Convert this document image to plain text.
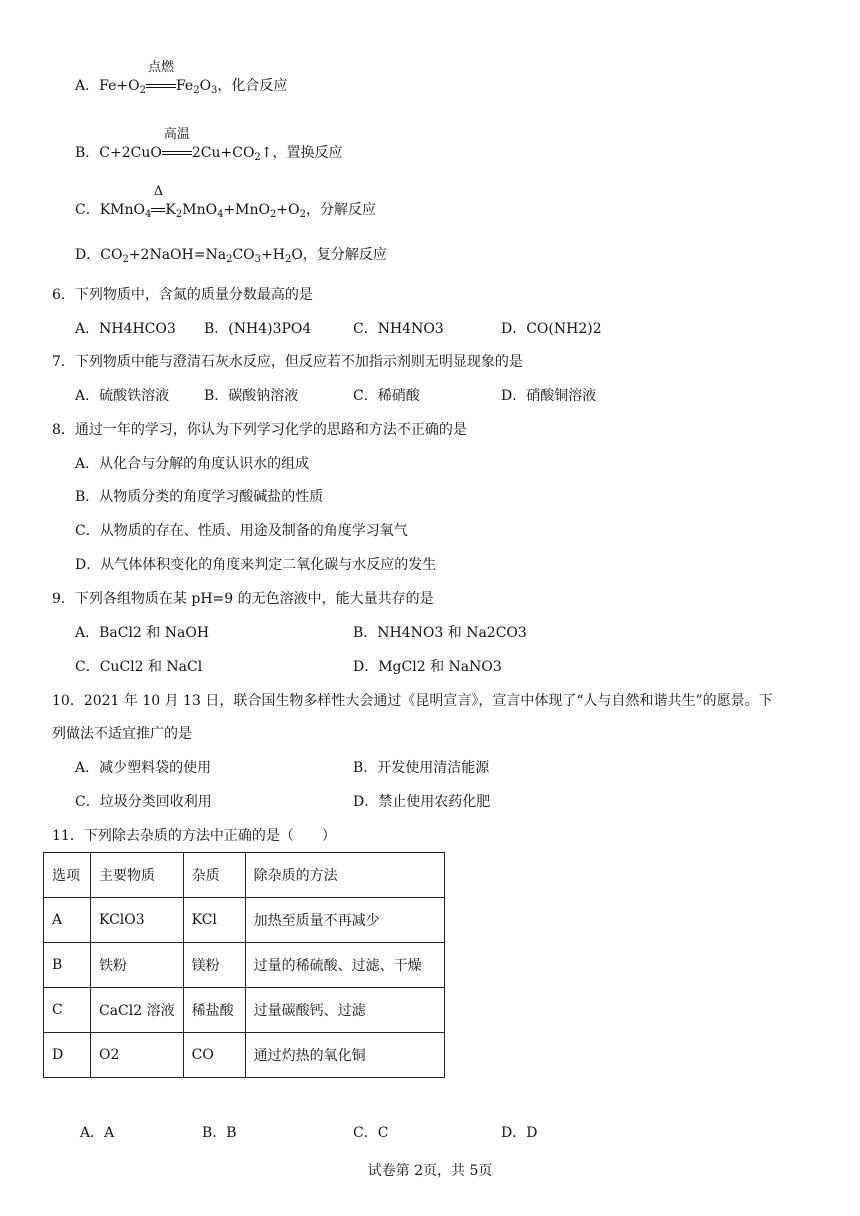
A．$Fe+O_2$
点燃
$Fe_2O_3$，化合反应
B．C+2CuO
高温
$2Cu+CO_2↑$，置换反应
C．KMnO$_4$
Δ
$K_2MnO_4+MnO_2+O_2$，分解反应
D．$CO_2+2NaOH=Na_2CO_3+H_2O$，复分解反应
6．下列物质中，含氮的质量分数最高的是
A．NH4HCO3 B．(NH4)3PO4	C．NH4NO3	D．CO(NH2)2
7．下列物质中能与澄清石灰水反应，但反应若不加指示剂则无明显现象的是
A．硫酸铁溶液 B．碳酸钠溶液	C．稀硝酸	D．硝酸铜溶液
8．通过一年的学习，你认为下列学习化学的思路和方法不正确的是
A．从化合与分解的角度认识水的组成
B．从物质分类的角度学习酸碱盐的性质
C．从物质的存在、性质、用途及制备的角度学习氧气
D．从气体体积变化的角度来判定二氧化碳与水反应的发生
9．下列各组物质在某 pH=9 的无色溶液中，能大量共存的是
A．BaCl2 和 NaOH	B．NH4NO3 和 Na2CO3
C．CuCl2 和 NaCl	D．MgCl2 和 NaNO3
10．2021 年 10 月 13 日，联合国生物多样性大会通过《昆明宣言》，宣言中体现了“人与自然和谐共生”的愿景。下
列做法不适宜推广的是
A．减少塑料袋的使用	B．开发使用清洁能源
C．垃圾分类回收利用	D．禁止使用农药化肥
11．下列除去杂质的方法中正确的是（　　）
选项	主要物质	杂质	除杂质的方法
A	KClO3	KCl	加热至质量不再减少
B	铁粉	镁粉	过量的稀硫酸、过滤、干燥
C	CaCl2 溶液	稀盐酸	过量碳酸钙、过滤
D	O2	CO	通过灼热的氧化铜
A．A	B．B	C．C	D．D
试卷第 2页，共 5页
